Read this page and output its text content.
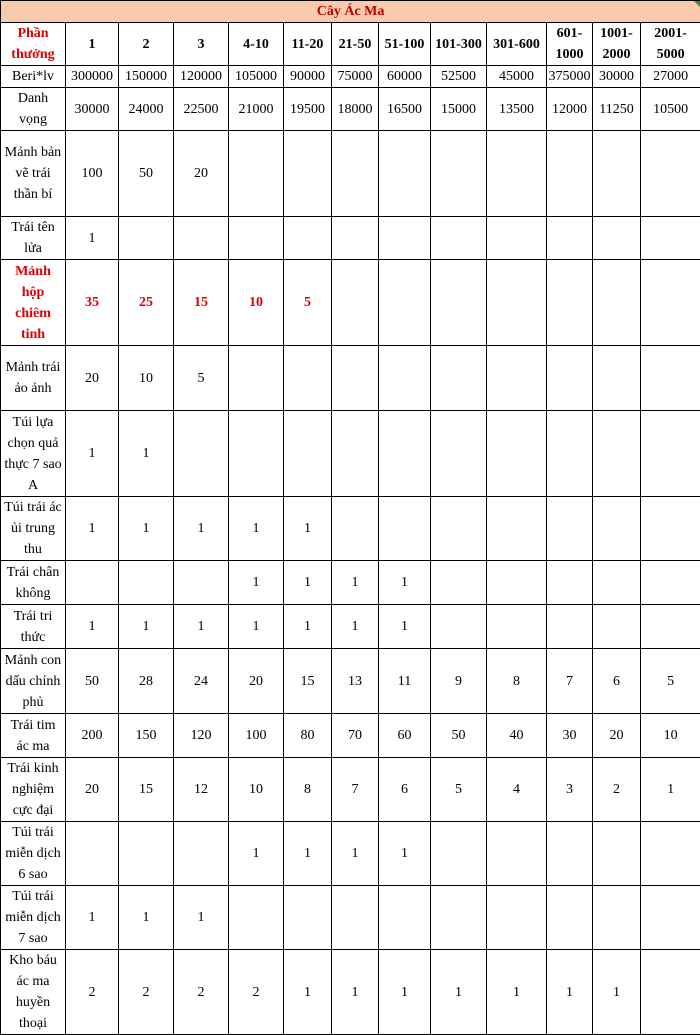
Cây Ác Ma												

Phần thưởng	1	2	3	4-10	11-20	21-50	51-100	101-300	301-600	601-1000	1001-2000	2001-5000
Beri*lv	300000	150000	120000	105000	90000	75000	60000	52500	45000	375000	30000	27000
Danh vọng	30000	24000	22500	21000	19500	18000	16500	15000	13500	12000	11250	10500
Mảnh bản vẽ trái thần bí	100	50	20									
Trái tên lửa	1											
Mảnh hộp chiêm tinh	35	25	15	10	5							
Mảnh trái ảo ảnh	20	10	5									
Túi lựa chọn quả thực 7 sao A	1	1										
Túi trái ác ủi trung thu	1	1	1	1	1							
Trái chân không				1	1	1	1					
Trái tri thức	1	1	1	1	1	1	1					
Mảnh con dấu chính phủ	50	28	24	20	15	13	11	9	8	7	6	5
Trái tim ác ma	200	150	120	100	80	70	60	50	40	30	20	10
Trái kinh nghiệm cực đại	20	15	12	10	8	7	6	5	4	3	2	1
Túi trái miễn dịch 6 sao				1	1	1	1					
Túi trái miễn dịch 7 sao	1	1	1									
Kho báu ác ma huyền thoại	2	2	2	2	1	1	1	1	1	1	1	
